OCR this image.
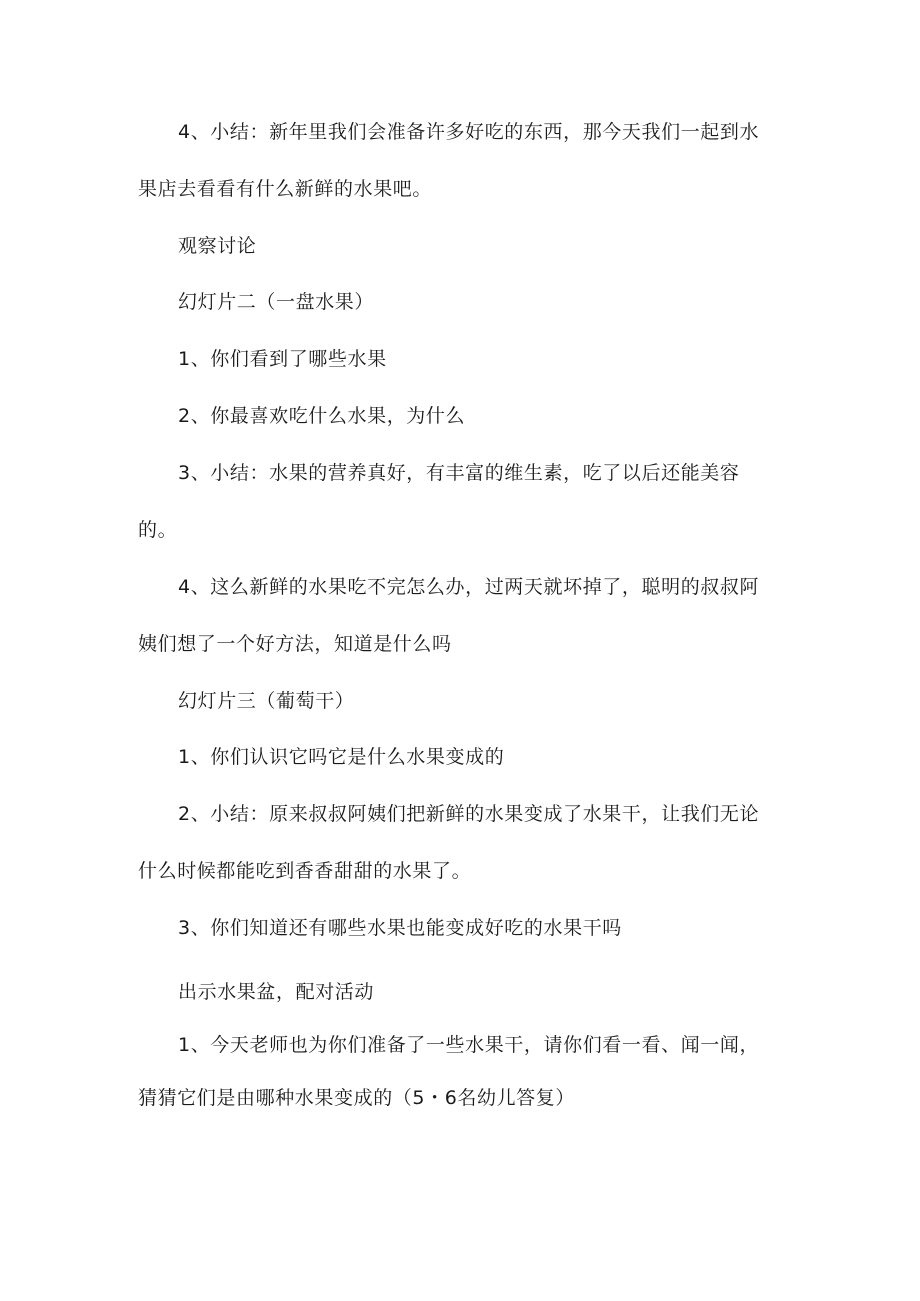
4、小结：新年里我们会准备许多好吃的东西，那今天我们一起到水
果店去看看有什么新鲜的水果吧。
观察讨论
幻灯片二（一盘水果）
1、你们看到了哪些水果
2、你最喜欢吃什么水果，为什么
3、小结：水果的营养真好，有丰富的维生素，吃了以后还能美容
的。
4、这么新鲜的水果吃不完怎么办，过两天就坏掉了，聪明的叔叔阿
姨们想了一个好方法，知道是什么吗
幻灯片三（葡萄干）
1、你们认识它吗它是什么水果变成的
2、小结：原来叔叔阿姨们把新鲜的水果变成了水果干，让我们无论
什么时候都能吃到香香甜甜的水果了。
3、你们知道还有哪些水果也能变成好吃的水果干吗
出示水果盆，配对活动
1、今天老师也为你们准备了一些水果干，请你们看一看、闻一闻，
猜猜它们是由哪种水果变成的（5・6名幼儿答复）
